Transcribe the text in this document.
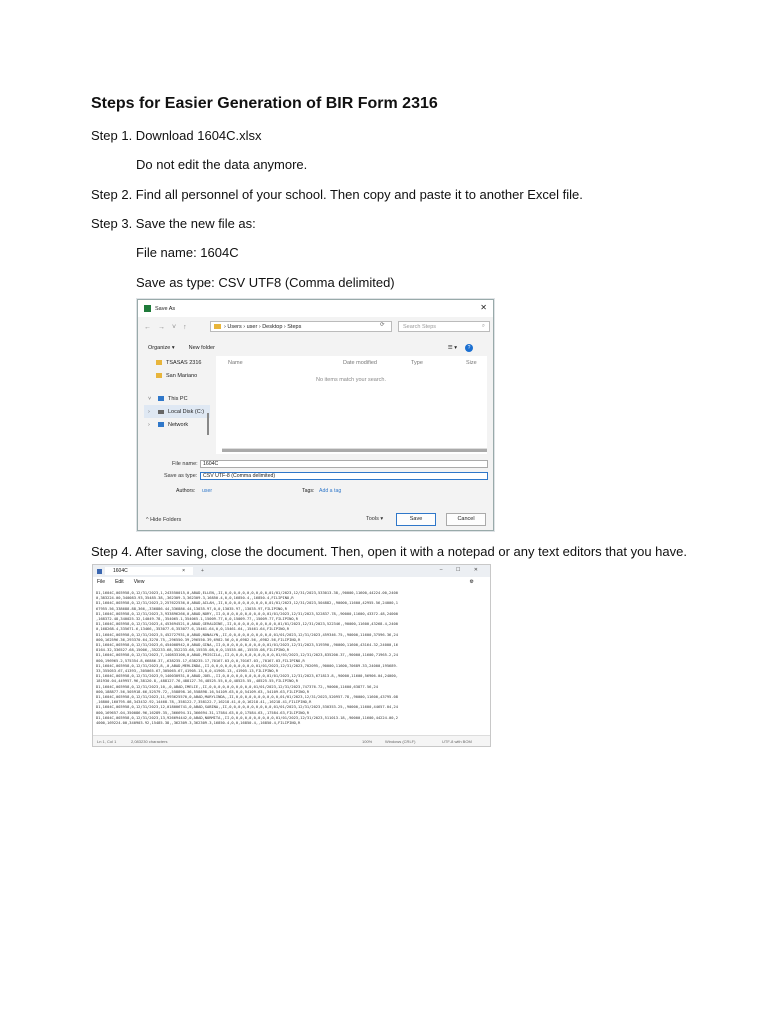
Steps for Easier Generation of BIR Form 2316
Step 1. Download 1604C.xlsx
Do not edit the data anymore.
Step 2. Find all personnel of your school. Then copy and paste it to another Excel file.
Step 3. Save the new file as:
File name: 1604C
Save as type: CSV UTF8 (Comma delimited)
Step 4. After saving, close the document. Then, open it with a notepad or any text editors that you have.
Save As	✕
← → ˅ ↑	› Users › user › Desktop › Steps	⟳	Search Steps	⌕
Organize ▾	New folder	☰ ▾	?
TSASAS 2316
San Mariano
˅	This PC
›	Local Disk (C:)
›	Network
Name	Date modified	Type	Size
No items match your search.
File name:	1604C
Save as type:	CSV UTF-8 (Comma delimited)
Authors: user	Tags: Add a tag
^ Hide Folders	Tools ▾	Save	Cancel
1604C	×	+	– ☐ ✕
File Edit View	⚙
D1,1604C,003958,0,12/31/2023,1,243550015,0,ABAD,ELLEN,,II,0,0,0,0,0,0,0,0,0,0,01/01/2023,12/31/2023,533013.38,,90000,11600,44224.00,2400
0,383224.00,340083.93,35485.38,,362309.3,362309.3,16850.4,0,0,16850.4,,16850.4,FILIPINO,R
D1,1604C,003958,0,12/31/2023,2,257622536,0,ABAD,AILAH,,II,0,0,0,0,0,0,0,0,0,0,01/01/2023,12/31/2023,504882,,90000,11600,42955.56,24000,1
67955.56,338688.88,366,,336886.44,336886.44,13035.97,0,0,13035.97,,13035.97,FILIPINO,R
D1,1604C,003958,0,12/31/2023,3,933896266,0,ABAD,NORY,,II,0,0,0,0,0,0,0,0,0,0,01/01/2023,12/31/2023,522837.78,,90000,11600,43372.48,24000
,168372.48,340025.32,14049.78,,354065.1,354065.1,15009.77,0,0,15009.77,,15009.77,FILIPINO,R
D1,1604C,003958,0,12/31/2023,4,453694521,0,ABAD,GERALDINE,,II,0,0,0,0,0,0,0,0,0,0,01/01/2023,12/31/2023,522346,,90000,11600,43268.4,2400
0,168268.4,335671.6,13466,,353077.6,353077.6,15461.64,0,0,15461.64,,15461.64,FILIPINO,R
D1,1604C,003958,0,12/31/2023,5,452727931,0,ABAD,NONALYN,,II,0,0,0,0,0,0,0,0,0,0,01/01/2023,12/31/2023,459346.75,,90000,11600,37596.36,24
000,162596.36,293370.64,3270.75,,296550.39,296550.39,6982.56,0,0,6982.56,,6982.56,FILIPINO,R
D1,1604C,003958,0,12/31/2023,6,454008942,0,ABAD,GINA,,II,0,0,0,0,0,0,0,0,0,0,01/01/2023,12/31/2023,519390,,90000,11600,43164.32,24000,16
8164.32,336527.68,15006,,352233.68,352233.68,15535.08,0,0,15535.08,,15535.08,FILIPINO,R
D1,1604C,003958,0,12/31/2023,7,140833100,0,ABAD,PRISCILA,,II,0,0,0,0,0,0,0,0,0,0,01/01/2023,12/31/2023,835200.37,,90000,11600,71965.2,24
000,196965.2,575354.8,66886.37,,638235.17,638235.17,70167.03,0,0,70167.03,,70167.03,FILIPINO,R
D1,1604C,003958,0,12/31/2023,8,,0,ABAD,MERLINDA,,II,0,0,0,0,0,0,0,0,0,0,01/01/2023,12/31/2023,702095,,90000,11600,70689.33,24000,195689.
33,355053.67,41393,,305065.67,305065.67,41905.13,0,0,41905.13,,41905.13,FILIPINO,R
D1,1604C,003958,0,12/31/2023,9,140030931,0,ABAD,JOEL,,II,0,0,0,0,0,0,0,0,0,0,01/01/2023,12/31/2023,671813.8,,90000,11600,56906.04,24000,
181930.04,449957.96,38120.8,,488127.76,488127.76,48525.55,0,0,48525.55,,48525.55,FILIPINO,R
D1,1604C,003958,0,12/31/2023,10,,0,ABAD,IMELIE,,II,0,0,0,0,0,0,0,0,0,0,01/01/2023,12/31/2023,747376.72,,90000,11600,63877.56,24
000,188877.56,505918.66,52579.72,,558898.16,558898.16,54109.63,0,0,54109.63,,54109.63,FILIPINO,R
D1,1604C,003958,0,12/31/2023,11,993625570,0,ABAD,MARYLINDA,,II,0,0,0,0,0,0,0,0,0,0,01/01/2023,12/31/2023,520957.78,,90000,11600,43795.08
,16800,160795.08,343432.92,14468.78,,358122.7,358122.7,16218.41,0,0,16218.41,,16218.41,FILIPINO,R
D1,1604C,003958,0,12/31/2023,12,018006741,0,ABAD,SABINA,,II,0,0,0,0,0,0,0,0,0,0,01/01/2023,12/31/2023,530353.25,,90000,11600,44657.04,24
000,169657.04,350086.96,16289.35,,366694.31,366694.31,17584.63,0,0,17584.63,,17584.63,FILIPINO,R
D1,1604C,003958,0,12/31/2023,13,926694442,0,ABAD,NORMITA,,II,0,0,0,0,0,0,0,0,0,0,01/01/2023,12/31/2023,511013.18,,90000,11600,44224.00,2
4000,169224.00,340903.92,15485.38,,362309.3,362309.3,16850.4,0,0,16850.4,,16850.4,FILIPINO,R
Ln 1, Col 1	2,083230 characters	100%	Windows (CRLF)	UTF-8 with BOM
